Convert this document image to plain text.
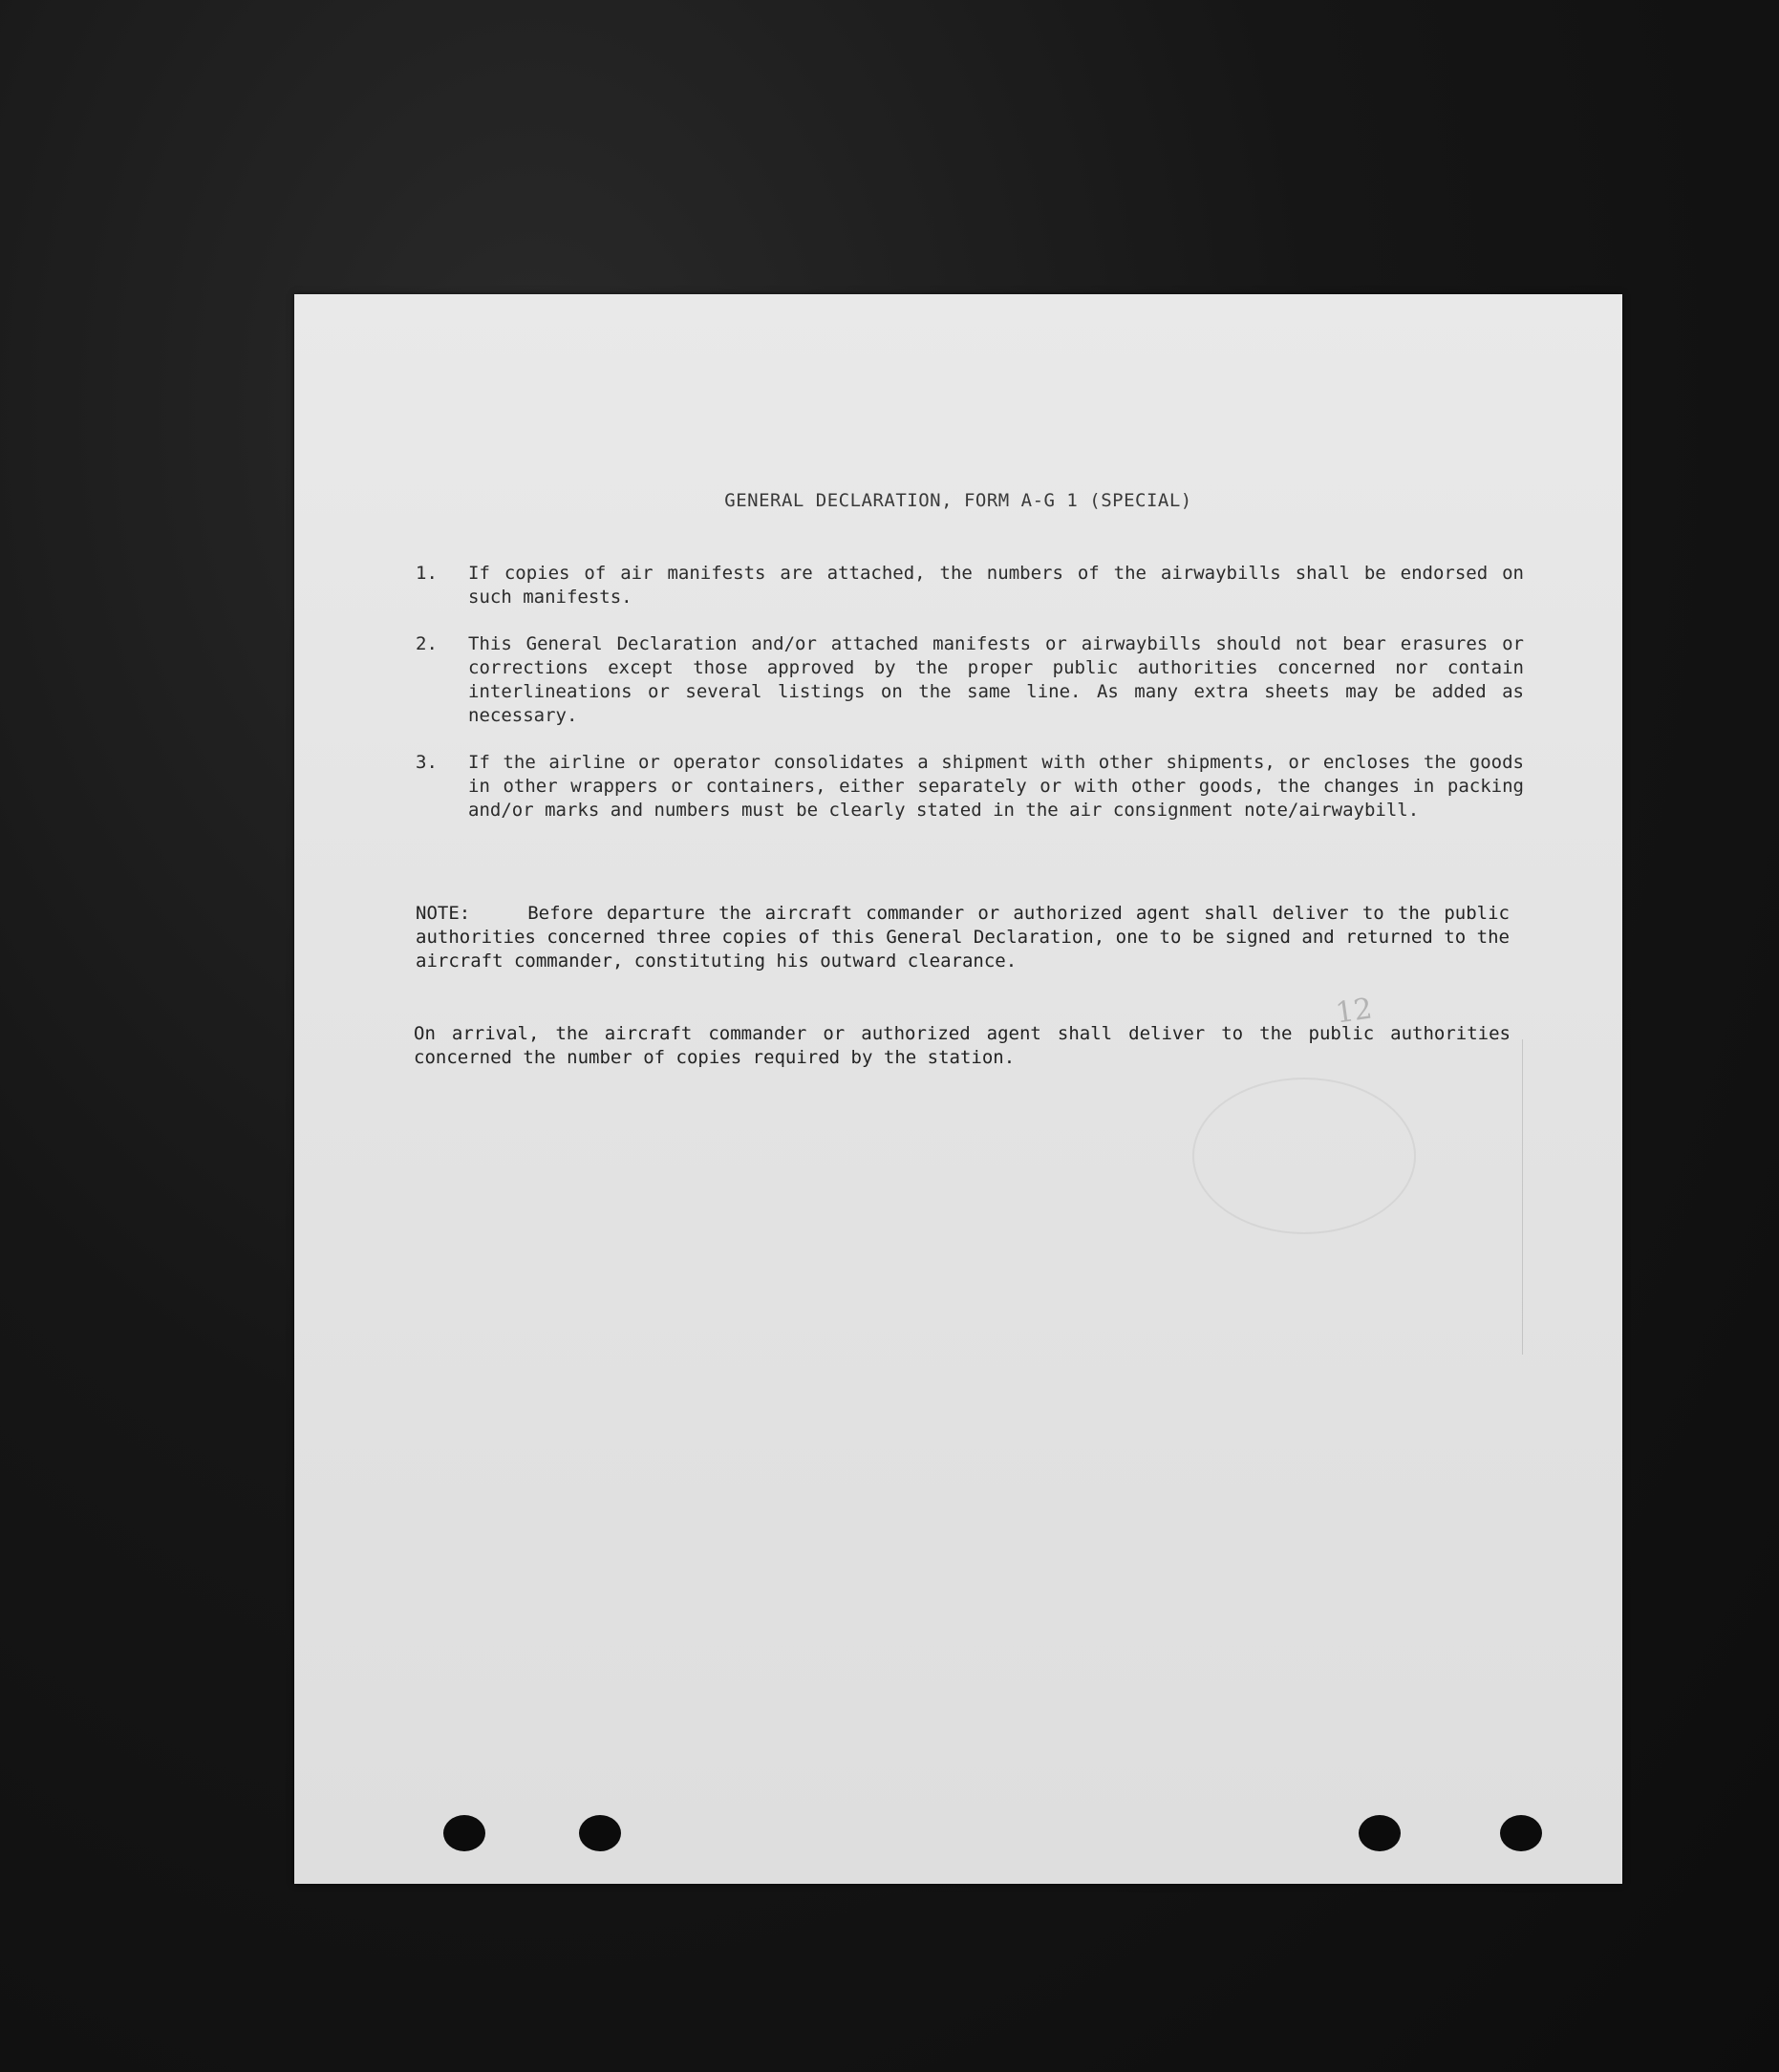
GENERAL DECLARATION, FORM A-G 1 (SPECIAL)
1. If copies of air manifests are attached, the numbers of the airwaybills shall be endorsed on such manifests.
2. This General Declaration and/or attached manifests or airwaybills should not bear erasures or corrections except those approved by the proper public authorities concerned nor contain interlineations or several listings on the same line. As many extra sheets may be added as necessary.
3. If the airline or operator consolidates a shipment with other shipments, or encloses the goods in other wrappers or containers, either separately or with other goods, the changes in packing and/or marks and numbers must be clearly stated in the air consignment note/airwaybill.
NOTE:	Before departure the aircraft commander or authorized agent shall deliver to the public authorities concerned three copies of this General Declaration, one to be signed and returned to the aircraft commander, constituting his outward clearance.
On arrival, the aircraft commander or authorized agent shall deliver to the public authorities concerned the number of copies required by the station.
12
